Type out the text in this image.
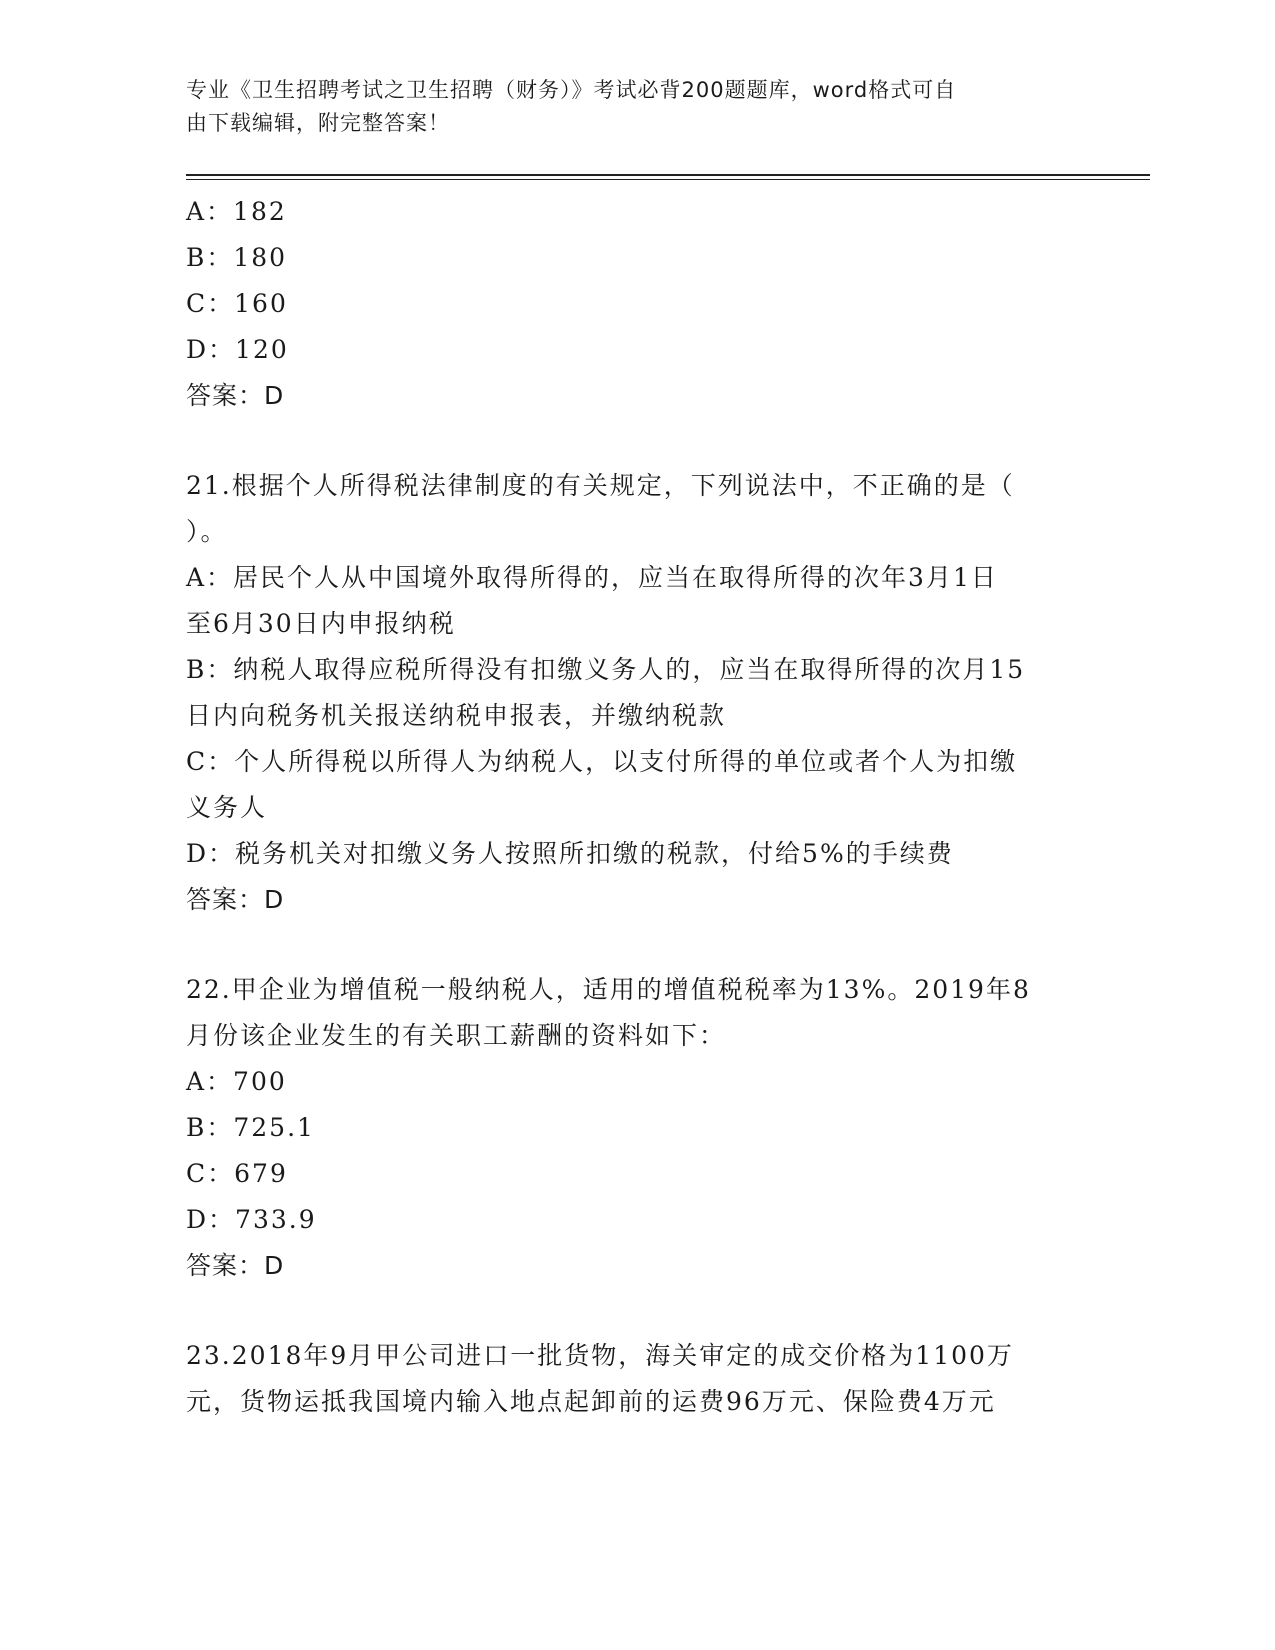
专业《卫生招聘考试之卫生招聘（财务）》考试必背200题题库，word格式可自
由下载编辑，附完整答案！
A：182
B：180
C：160
D：120
答案：D
21.根据个人所得税法律制度的有关规定，下列说法中，不正确的是（
）。
A：居民个人从中国境外取得所得的，应当在取得所得的次年3月1日
至6月30日内申报纳税
B：纳税人取得应税所得没有扣缴义务人的，应当在取得所得的次月15
日内向税务机关报送纳税申报表，并缴纳税款
C：个人所得税以所得人为纳税人，以支付所得的单位或者个人为扣缴
义务人
D：税务机关对扣缴义务人按照所扣缴的税款，付给5%的手续费
答案：D
22.甲企业为增值税一般纳税人，适用的增值税税率为13%。2019年8
月份该企业发生的有关职工薪酬的资料如下：
A：700
B：725.1
C：679
D：733.9
答案：D
23.2018年9月甲公司进口一批货物，海关审定的成交价格为1100万
元，货物运抵我国境内输入地点起卸前的运费96万元、保险费4万元
